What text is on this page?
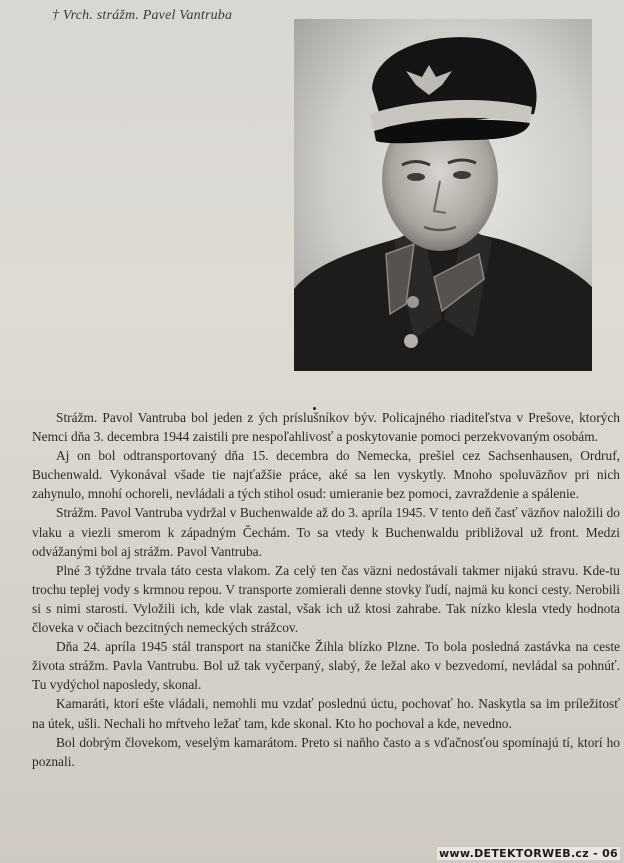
† Vrch. strážm. Pavel Vantruba

Strážm. Pavol Vantruba bol jeden z ých príslušníkov býv. Policajného riaditeľstva v Prešove, ktorých Nemci dňa 3. decembra 1944 zaistili pre nespoľahlivosť a poskytovanie pomoci perzekvovaným osobám.

Aj on bol odtransportovaný dňa 15. decembra do Nemecka, prešiel cez Sachsenhausen, Ordruf, Buchenwald. Vykonával všade tie najťažšie práce, aké sa len vyskytly. Mnoho spoluväzňov pri nich zahynulo, mnohí ochoreli, nevládali a tých stihol osud: umieranie bez pomoci, zavraždenie a spálenie.

Strážm. Pavol Vantruba vydržal v Buchenwalde až do 3. apríla 1945. V tento deň časť väzňov naložili do vlaku a viezli smerom k západným Čechám. To sa vtedy k Buchenwaldu približoval už front. Medzi odvážanými bol aj strážm. Pavol Vantruba.

Plné 3 týždne trvala táto cesta vlakom. Za celý ten čas väzni nedostávali takmer nijakú stravu. Kde-tu trochu teplej vody s krmnou repou. V transporte zomierali denne stovky ľudí, najmä ku konci cesty. Nerobili si s nimi starosti. Vyložili ich, kde vlak zastal, však ich už ktosi zahrabe. Tak nízko klesla vtedy hodnota človeka v očiach bezcitných nemeckých strážcov.

Dňa 24. apríla 1945 stál transport na staničke Žihla blízko Plzne. To bola posledná zastávka na ceste života strážm. Pavla Vantrubu. Bol už tak vyčerpaný, slabý, že ležal ako v bezvedomí, nevládal sa pohnúť. Tu vydýchol naposledy, skonal.

Kamaráti, ktorí ešte vládali, nemohli mu vzdať poslednú úctu, pochovať ho. Naskytla sa im príležitosť na útek, ušli. Nechali ho mŕtveho ležať tam, kde skonal. Kto ho pochoval a kde, nevedno.

Bol dobrým človekom, veselým kamarátom. Preto si naňho často a s vďačnosťou spomínajú tí, ktorí ho poznali.

www.DETEKTORWEB.cz - 06
